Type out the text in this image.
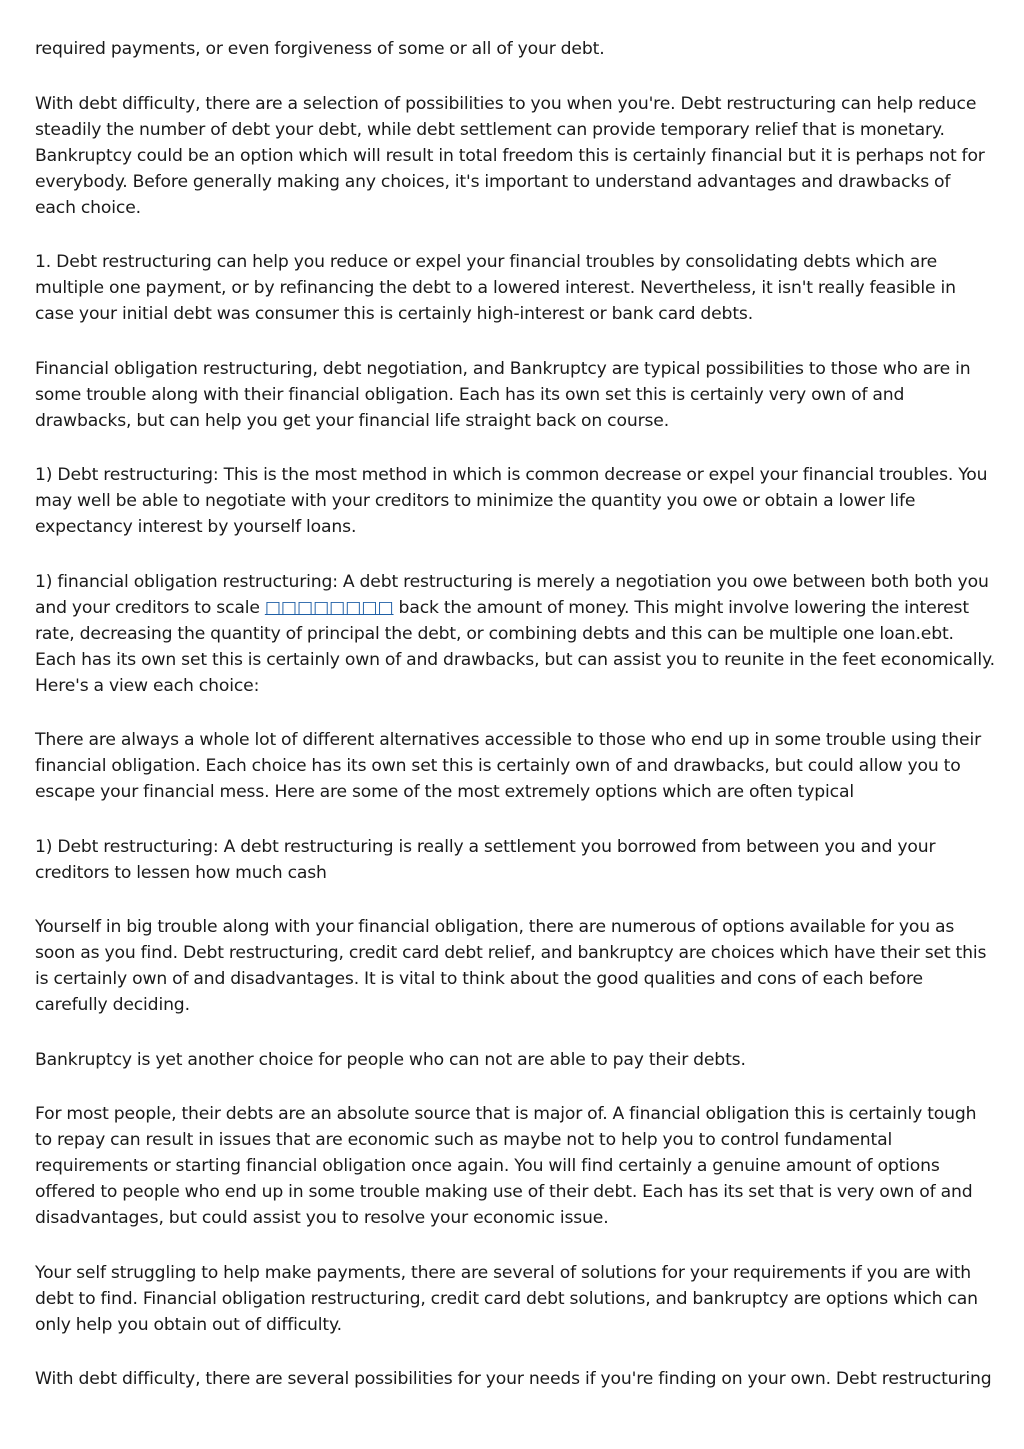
required payments, or even forgiveness of some or all of your debt.

With debt difficulty, there are a selection of possibilities to you when you're. Debt restructuring can help reduce steadily the number of debt your debt, while debt settlement can provide temporary relief that is monetary. Bankruptcy could be an option which will result in total freedom this is certainly financial but it is perhaps not for everybody. Before generally making any choices, it's important to understand advantages and drawbacks of each choice.

1. Debt restructuring can help you reduce or expel your financial troubles by consolidating debts which are multiple one payment, or by refinancing the debt to a lowered interest. Nevertheless, it isn't really feasible in case your initial debt was consumer this is certainly high-interest or bank card debts.

Financial obligation restructuring, debt negotiation, and Bankruptcy are typical possibilities to those who are in some trouble along with their financial obligation. Each has its own set this is certainly very own of and drawbacks, but can help you get your financial life straight back on course.

1) Debt restructuring: This is the most method in which is common decrease or expel your financial troubles. You may well be able to negotiate with your creditors to minimize the quantity you owe or obtain a lower life expectancy interest by yourself loans.

1) financial obligation restructuring: A debt restructuring is merely a negotiation you owe between both both you and your creditors to scale □□□□□□□□ back the amount of money. This might involve lowering the interest rate, decreasing the quantity of principal the debt, or combining debts and this can be multiple one loan.ebt. Each has its own set this is certainly own of and drawbacks, but can assist you to reunite in the feet economically. Here's a view each choice:

There are always a whole lot of different alternatives accessible to those who end up in some trouble using their financial obligation. Each choice has its own set this is certainly own of and drawbacks, but could allow you to escape your financial mess. Here are some of the most extremely options which are often typical

1) Debt restructuring: A debt restructuring is really a settlement you borrowed from between you and your creditors to lessen how much cash

Yourself in big trouble along with your financial obligation, there are numerous of options available for you as soon as you find. Debt restructuring, credit card debt relief, and bankruptcy are choices which have their set this is certainly own of and disadvantages. It is vital to think about the good qualities and cons of each before carefully deciding.

Bankruptcy is yet another choice for people who can not are able to pay their debts.

For most people, their debts are an absolute source that is major of. A financial obligation this is certainly tough to repay can result in issues that are economic such as maybe not to help you to control fundamental requirements or starting financial obligation once again. You will find certainly a genuine amount of options offered to people who end up in some trouble making use of their debt. Each has its set that is very own of and disadvantages, but could assist you to resolve your economic issue.

Your self struggling to help make payments, there are several of solutions for your requirements if you are with debt to find. Financial obligation restructuring, credit card debt solutions, and bankruptcy are options which can only help you obtain out of difficulty.

With debt difficulty, there are several possibilities for your needs if you're finding on your own. Debt restructuring
